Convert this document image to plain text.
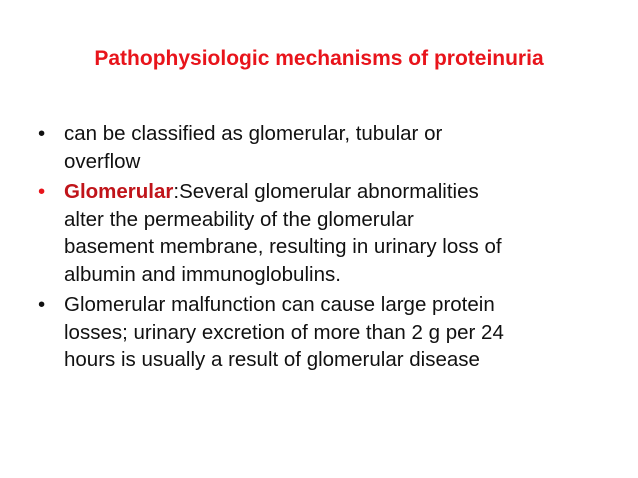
Pathophysiologic mechanisms of proteinuria
• can be classified as glomerular, tubular or
overflow
• Glomerular:Several glomerular abnormalities
alter the permeability of the glomerular
basement membrane, resulting in urinary loss of
albumin and immunoglobulins.
• Glomerular malfunction can cause large protein
losses; urinary excretion of more than 2 g per 24
hours is usually a result of glomerular disease
